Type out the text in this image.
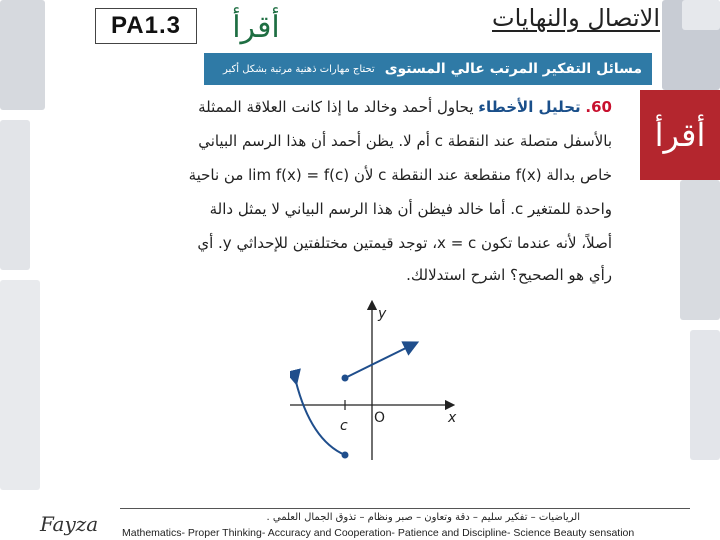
PA1.3	أقرأ	الاتصال والنهايات
أقرأ
مسائل التفكير المرتب عالي المستوى
تحتاج مهارات ذهنية مرتبة بشكل أكبر
60. تحليل الأخطاء يحاول أحمد وخالد ما إذا كانت العلاقة الممثلة
بالأسفل متصلة عند النقطة c أم لا. يظن أحمد أن هذا الرسم البياني
خاص بدالة f(x) منقطعة عند النقطة c لأن lim f(x) = f(c) من ناحية
واحدة للمتغير c. أما خالد فيظن أن هذا الرسم البياني لا يمثل دالة
أصلاً، لأنه عندما تكون x = c، توجد قيمتين مختلفتين للإحداثي y. أي
رأي هو الصحيح؟ اشرح استدلالك.
y
x
O
c
Fayza	الرياضيات – تفكير سليم – دقة وتعاون – صبر ونظام – تذوق الجمال العلمي .
Mathematics- Proper Thinking- Accuracy and Cooperation- Patience and Discipline- Science Beauty sensation
